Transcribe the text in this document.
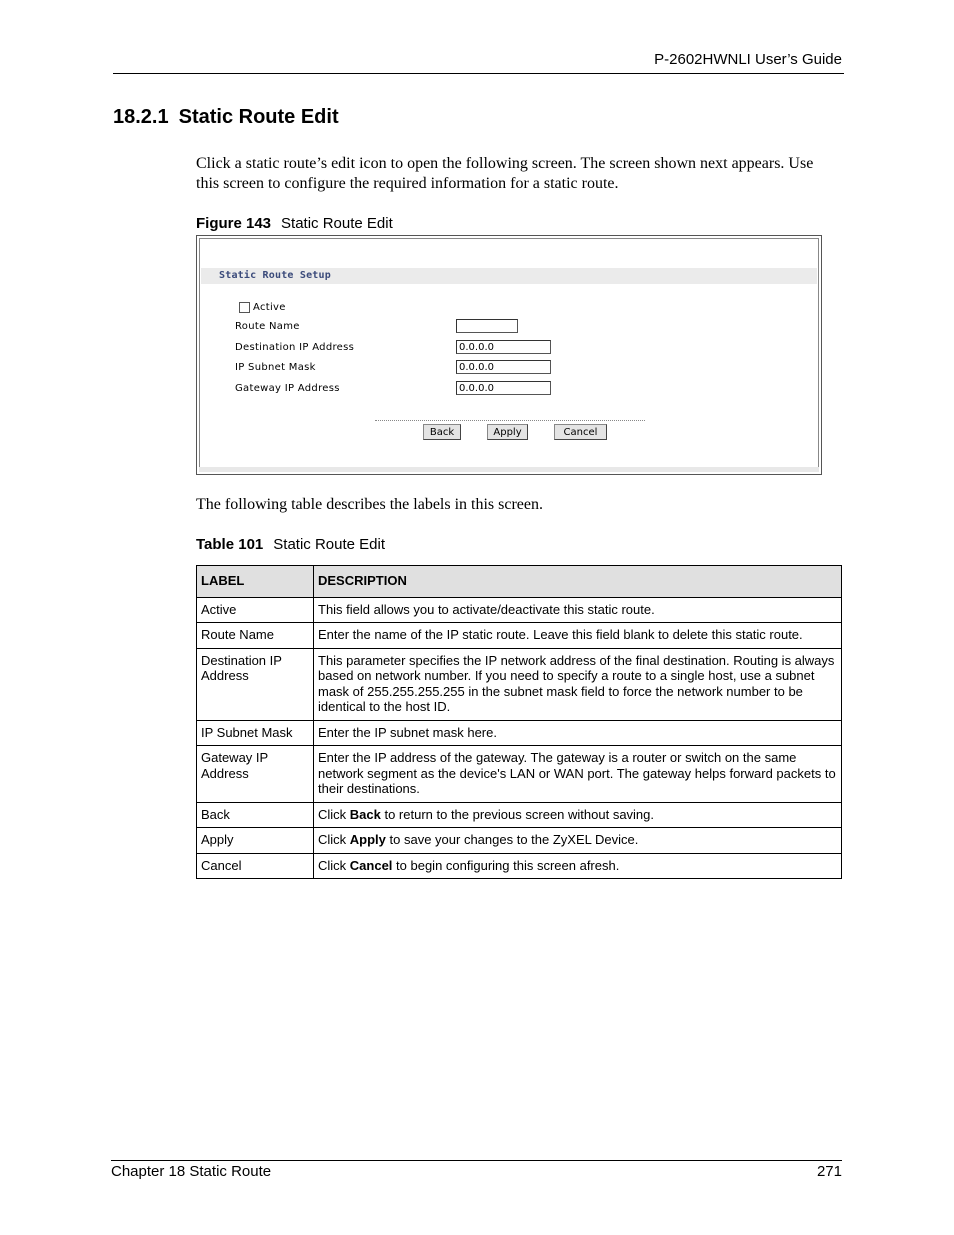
P-2602HWNLI User’s Guide
18.2.1 Static Route Edit
Click a static route’s edit icon to open the following screen. The screen shown next appears. Use this screen to configure the required information for a static route.
Figure 143 Static Route Edit
Static Route Setup
Active
Route Name
Destination IP Address	0.0.0.0
IP Subnet Mask	0.0.0.0
Gateway IP Address	0.0.0.0
Back	Apply	Cancel
The following table describes the labels in this screen.
Table 101 Static Route Edit
LABEL	DESCRIPTION
Active	This field allows you to activate/deactivate this static route.
Route Name	Enter the name of the IP static route. Leave this field blank to delete this static route.
Destination IP Address	This parameter specifies the IP network address of the final destination. Routing is always based on network number. If you need to specify a route to a single host, use a subnet mask of 255.255.255.255 in the subnet mask field to force the network number to be identical to the host ID.
IP Subnet Mask	Enter the IP subnet mask here.
Gateway IP Address	Enter the IP address of the gateway. The gateway is a router or switch on the same network segment as the device's LAN or WAN port. The gateway helps forward packets to their destinations.
Back	Click Back to return to the previous screen without saving.
Apply	Click Apply to save your changes to the ZyXEL Device.
Cancel	Click Cancel to begin configuring this screen afresh.
Chapter 18 Static Route	271
